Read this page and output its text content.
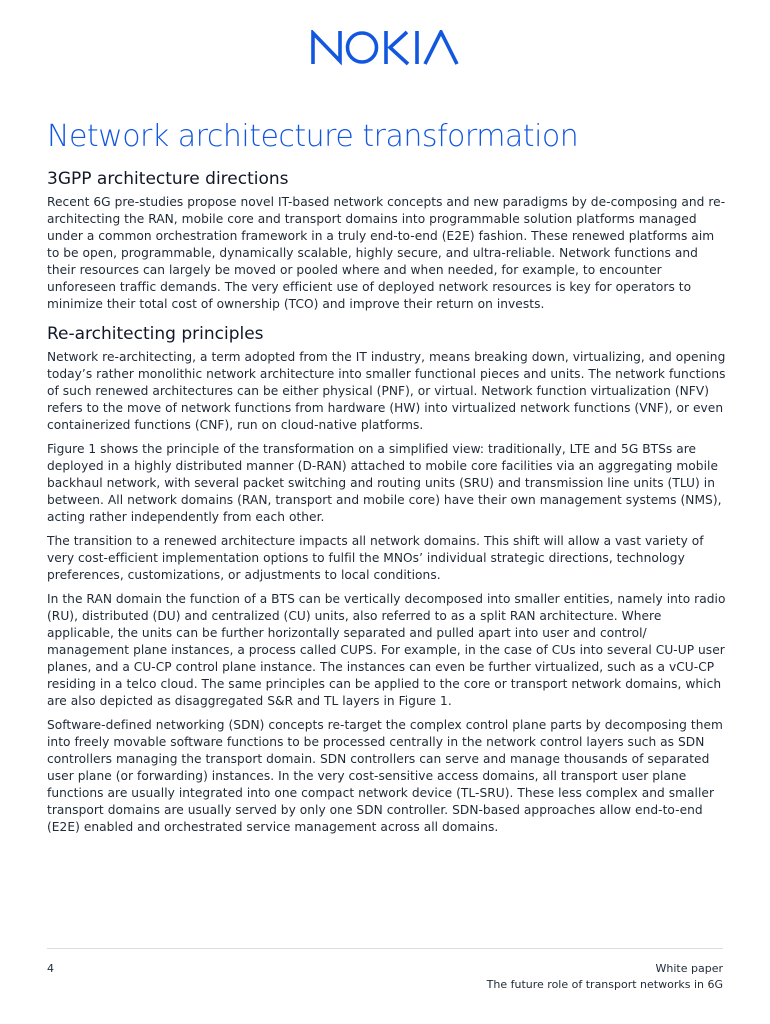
Network architecture transformation
3GPP architecture directions

Recent 6G pre-studies propose novel IT-based network concepts and new paradigms by de-composing and re-architecting the RAN, mobile core and transport domains into programmable solution platforms managed under a common orchestration framework in a truly end-to-end (E2E) fashion. These renewed platforms aim to be open, programmable, dynamically scalable, highly secure, and ultra-reliable. Network functions and their resources can largely be moved or pooled where and when needed, for example, to encounter unforeseen traffic demands. The very efficient use of deployed network resources is key for operators to minimize their total cost of ownership (TCO) and improve their return on invests.

Re-architecting principles

Network re-architecting, a term adopted from the IT industry, means breaking down, virtualizing, and opening today’s rather monolithic network architecture into smaller functional pieces and units. The network functions of such renewed architectures can be either physical (PNF), or virtual. Network function virtualization (NFV) refers to the move of network functions from hardware (HW) into virtualized network functions (VNF), or even containerized functions (CNF), run on cloud-native platforms.

Figure 1 shows the principle of the transformation on a simplified view: traditionally, LTE and 5G BTSs are deployed in a highly distributed manner (D-RAN) attached to mobile core facilities via an aggregating mobile backhaul network, with several packet switching and routing units (SRU) and transmission line units (TLU) in between. All network domains (RAN, transport and mobile core) have their own management systems (NMS), acting rather independently from each other.

The transition to a renewed architecture impacts all network domains. This shift will allow a vast variety of very cost-efficient implementation options to fulfil the MNOs’ individual strategic directions, technology preferences, customizations, or adjustments to local conditions.

In the RAN domain the function of a BTS can be vertically decomposed into smaller entities, namely into radio (RU), distributed (DU) and centralized (CU) units, also referred to as a split RAN architecture. Where applicable, the units can be further horizontally separated and pulled apart into user and control/ management plane instances, a process called CUPS. For example, in the case of CUs into several CU-UP user planes, and a CU-CP control plane instance. The instances can even be further virtualized, such as a vCU-CP residing in a telco cloud. The same principles can be applied to the core or transport network domains, which are also depicted as disaggregated S&R and TL layers in Figure 1.

Software-defined networking (SDN) concepts re-target the complex control plane parts by decomposing them into freely movable software functions to be processed centrally in the network control layers such as SDN controllers managing the transport domain. SDN controllers can serve and manage thousands of separated user plane (or forwarding) instances. In the very cost-sensitive access domains, all transport user plane functions are usually integrated into one compact network device (TL-SRU). These less complex and smaller transport domains are usually served by only one SDN controller. SDN-based approaches allow end-to-end (E2E) enabled and orchestrated service management across all domains.

4	White paper
The future role of transport networks in 6G
